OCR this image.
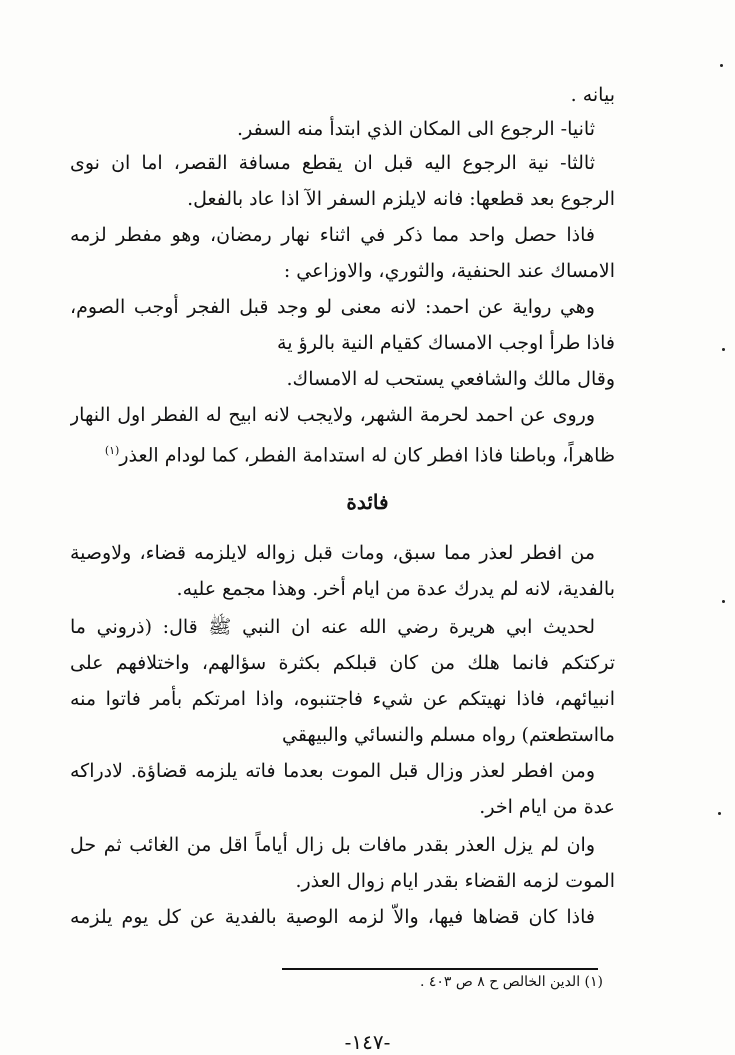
بيانه .
ثانيا- الرجوع الى المكان الذي ابتدأ منه السفر.
ثالثا- نية الرجوع اليه قبل ان يقطع مسافة القصر، اما ان نوى
الرجوع بعد قطعها: فانه لايلزم السفر الآ اذا عاد بالفعل.
فاذا حصل واحد مما ذكر في اثناء نهار رمضان، وهو مفطر لزمه
الامساك عند الحنفية، والثوري، والاوزاعي :
وهي رواية عن احمد: لانه معنى لو وجد قبل الفجر أوجب الصوم،
فاذا طرأ اوجب الامساك كقيام النية بالرؤ ية
وقال مالك والشافعي يستحب له الامساك.
وروى عن احمد لحرمة الشهر، ولايجب لانه ابيح له الفطر اول النهار
ظاهراً، وباطنا فاذا افطر كان له استدامة الفطر، كما لودام العذر$^{(١)}$
فائدة
من افطر لعذر مما سبق، ومات قبل زواله لايلزمه قضاء، ولاوصية
بالفدية، لانه لم يدرك عدة من ايام أخر. وهذا مجمع عليه.
لحديث ابي هريرة رضي الله عنه ان النبي ﷺ قال: (ذروني ما
تركتكم فانما هلك من كان قبلكم بكثرة سؤالهم، واختلافهم على
انبيائهم، فاذا نهيتكم عن شيء فاجتنبوه، واذا امرتكم بأمر فاتوا منه
مااستطعتم) رواه مسلم والنسائي والبيهقي
ومن افطر لعذر وزال قبل الموت بعدما فاته يلزمه قضاؤة. لادراكه
عدة من ايام اخر.
وان لم يزل العذر بقدر مافات بل زال أياماً اقل من الغائب ثم حل
الموت لزمه القضاء بقدر ايام زوال العذر.
فاذا كان قضاها فيها، والاّ لزمه الوصية بالفدية عن كل يوم يلزمه
(١) الدين الخالص ح ٨ ص ٤٠٣ .
-١٤٧-
